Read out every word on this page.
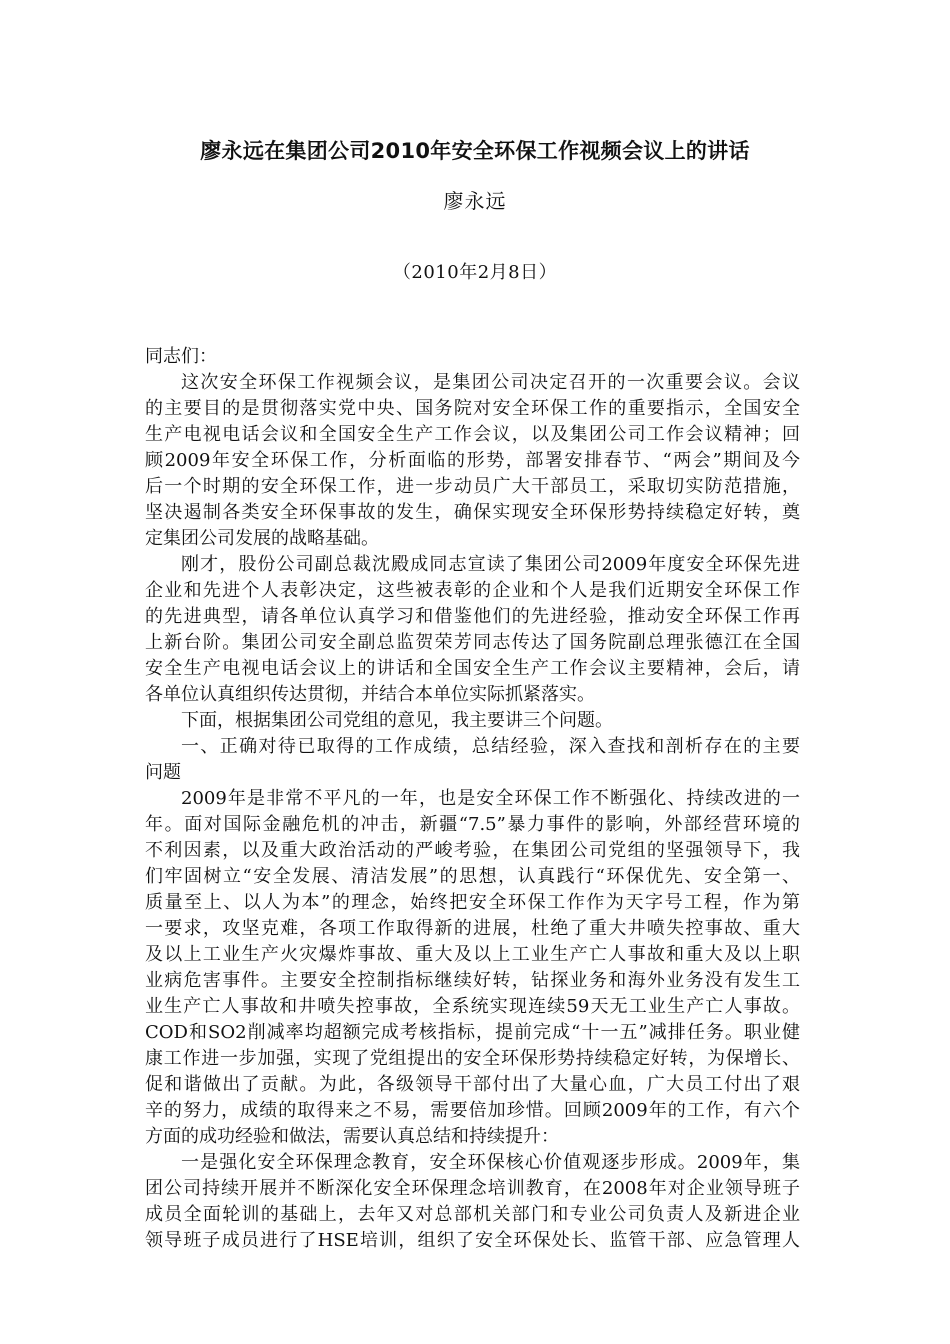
廖永远在集团公司2010年安全环保工作视频会议上的讲话
廖永远
（2010年2月8日）
同志们：
这次安全环保工作视频会议，是集团公司决定召开的一次重要会议。会议
的主要目的是贯彻落实党中央、国务院对安全环保工作的重要指示，全国安全
生产电视电话会议和全国安全生产工作会议，以及集团公司工作会议精神；回
顾2009年安全环保工作，分析面临的形势，部署安排春节、“两会”期间及今
后一个时期的安全环保工作，进一步动员广大干部员工，采取切实防范措施，
坚决遏制各类安全环保事故的发生，确保实现安全环保形势持续稳定好转，奠
定集团公司发展的战略基础。
刚才，股份公司副总裁沈殿成同志宣读了集团公司2009年度安全环保先进
企业和先进个人表彰决定，这些被表彰的企业和个人是我们近期安全环保工作
的先进典型，请各单位认真学习和借鉴他们的先进经验，推动安全环保工作再
上新台阶。集团公司安全副总监贺荣芳同志传达了国务院副总理张德江在全国
安全生产电视电话会议上的讲话和全国安全生产工作会议主要精神，会后，请
各单位认真组织传达贯彻，并结合本单位实际抓紧落实。
下面，根据集团公司党组的意见，我主要讲三个问题。
一、正确对待已取得的工作成绩，总结经验，深入查找和剖析存在的主要
问题
2009年是非常不平凡的一年，也是安全环保工作不断强化、持续改进的一
年。面对国际金融危机的冲击，新疆“7.5”暴力事件的影响，外部经营环境的
不利因素，以及重大政治活动的严峻考验，在集团公司党组的坚强领导下，我
们牢固树立“安全发展、清洁发展”的思想，认真践行“环保优先、安全第一、
质量至上、以人为本”的理念，始终把安全环保工作作为天字号工程，作为第
一要求，攻坚克难，各项工作取得新的进展，杜绝了重大井喷失控事故、重大
及以上工业生产火灾爆炸事故、重大及以上工业生产亡人事故和重大及以上职
业病危害事件。主要安全控制指标继续好转，钻探业务和海外业务没有发生工
业生产亡人事故和井喷失控事故，全系统实现连续59天无工业生产亡人事故。
COD和SO2削减率均超额完成考核指标，提前完成“十一五”减排任务。职业健
康工作进一步加强，实现了党组提出的安全环保形势持续稳定好转，为保增长、
促和谐做出了贡献。为此，各级领导干部付出了大量心血，广大员工付出了艰
辛的努力，成绩的取得来之不易，需要倍加珍惜。回顾2009年的工作，有六个
方面的成功经验和做法，需要认真总结和持续提升：
一是强化安全环保理念教育，安全环保核心价值观逐步形成。2009年，集
团公司持续开展并不断深化安全环保理念培训教育，在2008年对企业领导班子
成员全面轮训的基础上，去年又对总部机关部门和专业公司负责人及新进企业
领导班子成员进行了HSE培训，组织了安全环保处长、监管干部、应急管理人
